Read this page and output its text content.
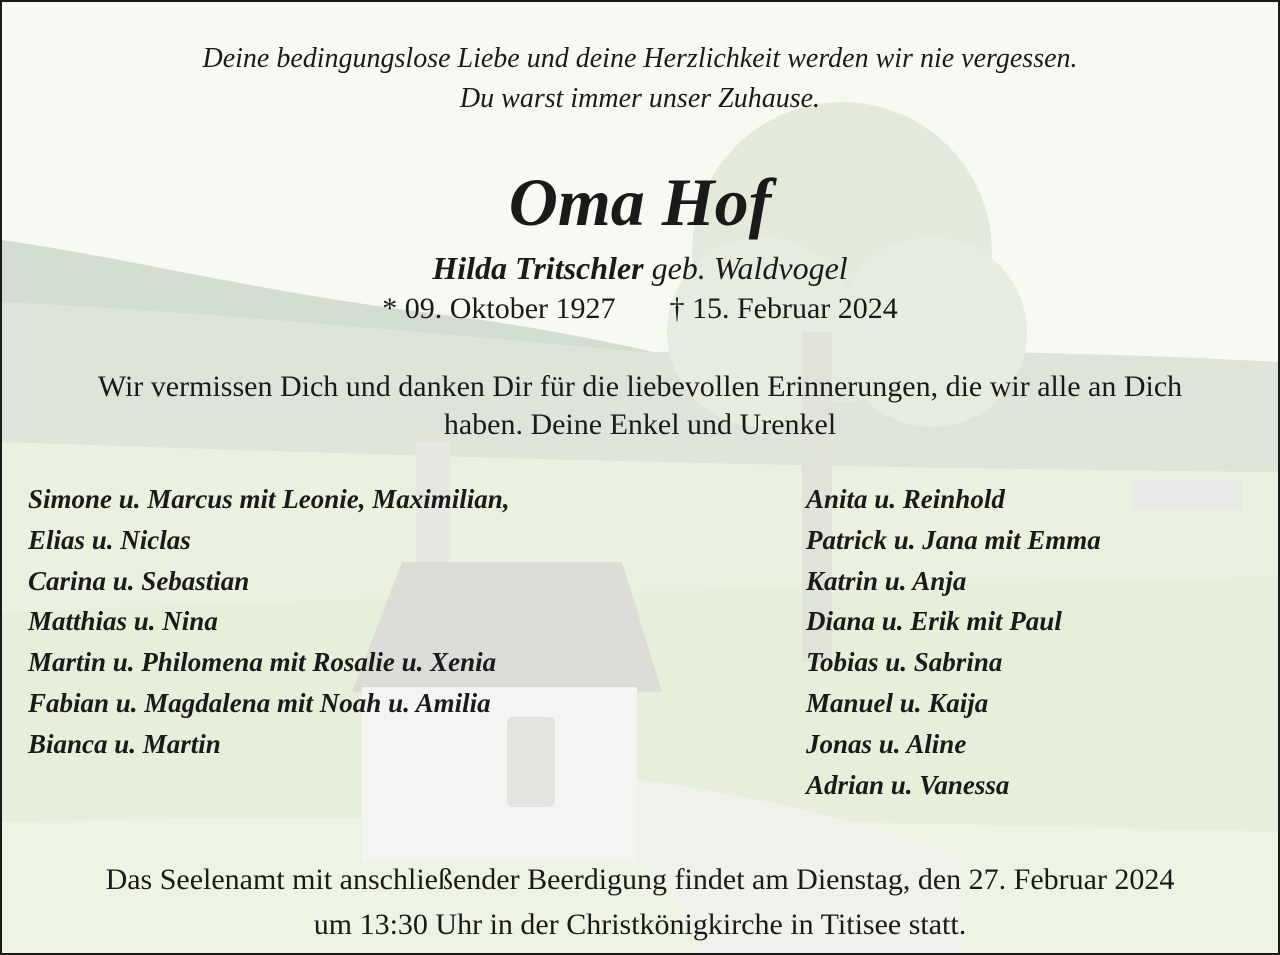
Deine bedingungslose Liebe und deine Herzlichkeit werden wir nie vergessen.
Du warst immer unser Zuhause.
Oma Hof
Hilda Tritschler geb. Waldvogel
* 09. Oktober 1927 † 15. Februar 2024
Wir vermissen Dich und danken Dir für die liebevollen Erinnerungen, die wir alle an Dich
haben. Deine Enkel und Urenkel
Simone u. Marcus mit Leonie, Maximilian,
Elias u. Niclas
Carina u. Sebastian
Matthias u. Nina
Martin u. Philomena mit Rosalie u. Xenia
Fabian u. Magdalena mit Noah u. Amilia
Bianca u. Martin
Anita u. Reinhold
Patrick u. Jana mit Emma
Katrin u. Anja
Diana u. Erik mit Paul
Tobias u. Sabrina
Manuel u. Kaija
Jonas u. Aline
Adrian u. Vanessa
Das Seelenamt mit anschließender Beerdigung findet am Dienstag, den 27. Februar 2024
um 13:30 Uhr in der Christkönigkirche in Titisee statt.
